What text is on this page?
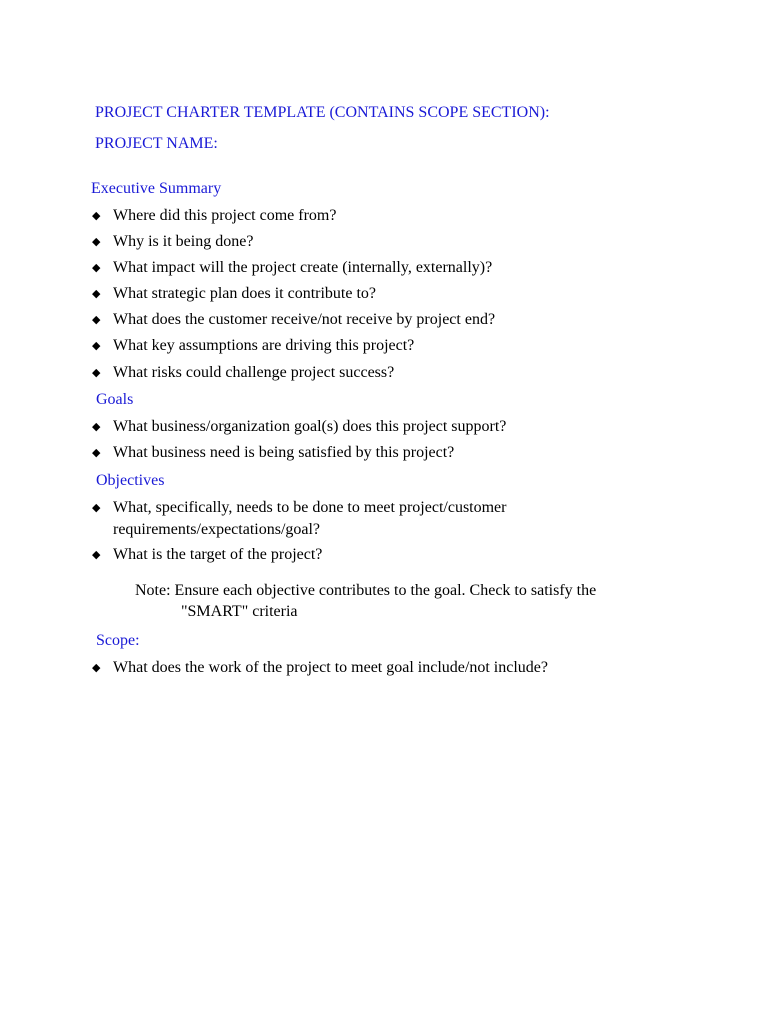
PROJECT CHARTER TEMPLATE (CONTAINS SCOPE SECTION):
PROJECT NAME:
Executive Summary
◆ Where did this project come from?
◆ Why is it being done?
◆ What impact will the project create (internally, externally)?
◆ What strategic plan does it contribute to?
◆ What does the customer receive/not receive by project end?
◆ What key assumptions are driving this project?
◆ What risks could challenge project success?
Goals
◆ What business/organization goal(s) does this project support?
◆ What business need is being satisfied by this project?
Objectives
◆ What, specifically, needs to be done to meet project/customer requirements/expectations/goal?
◆ What is the target of the project?
Note: Ensure each objective contributes to the goal. Check to satisfy the
"SMART" criteria
Scope:
◆ What does the work of the project to meet goal include/not include?
